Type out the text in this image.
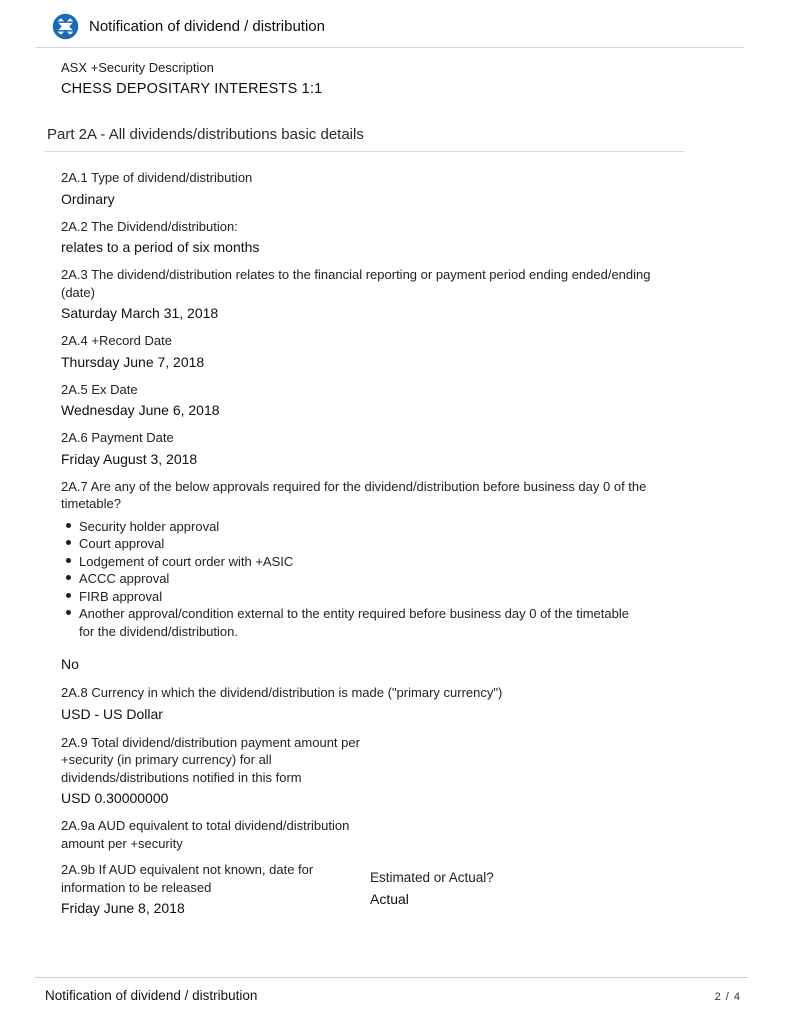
Notification of dividend / distribution
ASX +Security Description
CHESS DEPOSITARY INTERESTS 1:1
Part 2A - All dividends/distributions basic details
2A.1 Type of dividend/distribution
Ordinary
2A.2 The Dividend/distribution:
relates to a period of six months
2A.3 The dividend/distribution relates to the financial reporting or payment period ending ended/ending (date)
Saturday March 31, 2018
2A.4 +Record Date
Thursday June 7, 2018
2A.5 Ex Date
Wednesday June 6, 2018
2A.6 Payment Date
Friday August 3, 2018
2A.7 Are any of the below approvals required for the dividend/distribution before business day 0 of the timetable?
Security holder approval
Court approval
Lodgement of court order with +ASIC
ACCC approval
FIRB approval
Another approval/condition external to the entity required before business day 0 of the timetable for the dividend/distribution.
No
2A.8 Currency in which the dividend/distribution is made ("primary currency")
USD - US Dollar
2A.9 Total dividend/distribution payment amount per +security (in primary currency) for all dividends/distributions notified in this form
USD 0.30000000
2A.9a AUD equivalent to total dividend/distribution amount per +security
2A.9b If AUD equivalent not known, date for information to be released
Friday June 8, 2018
Estimated or Actual?
Actual
Notification of dividend / distribution	2 / 4
